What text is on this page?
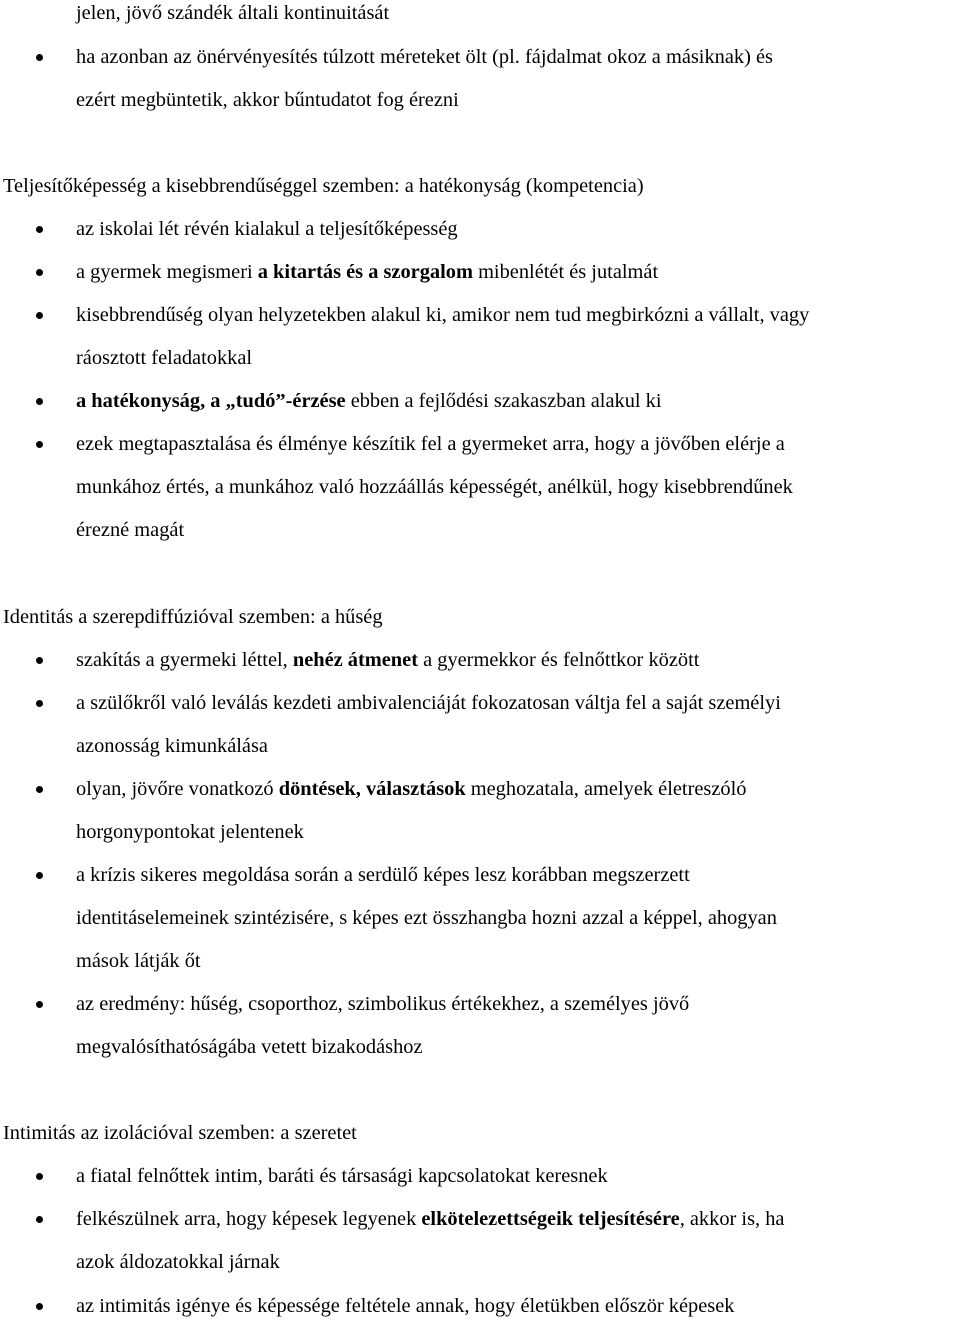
jelen, jövő szándék általi kontinuitását
ha azonban az önérvényesítés túlzott méreteket ölt (pl. fájdalmat okoz a másiknak) és
ezért megbüntetik, akkor bűntudatot fog érezni
Teljesítőképesség a kisebbrendűséggel szemben: a hatékonyság (kompetencia)
az iskolai lét révén kialakul a teljesítőképesség
a gyermek megismeri a kitartás és a szorgalom mibenlétét és jutalmát
kisebbrendűség olyan helyzetekben alakul ki, amikor nem tud megbirkózni a vállalt, vagy
ráosztott feladatokkal
a hatékonyság, a „tudó”-érzése ebben a fejlődési szakaszban alakul ki
ezek megtapasztalása és élménye készítik fel a gyermeket arra, hogy a jövőben elérje a
munkához értés, a munkához való hozzáállás képességét, anélkül, hogy kisebbrendűnek
érezné magát
Identitás a szerepdiffúzióval szemben: a hűség
szakítás a gyermeki léttel, nehéz átmenet a gyermekkor és felnőttkor között
a szülőkről való leválás kezdeti ambivalenciáját fokozatosan váltja fel a saját személyi
azonosság kimunkálása
olyan, jövőre vonatkozó döntések, választások meghozatala, amelyek életreszóló
horgonypontokat jelentenek
a krízis sikeres megoldása során a serdülő képes lesz korábban megszerzett
identitáselemeinek szintézisére, s képes ezt összhangba hozni azzal a képpel, ahogyan
mások látják őt
az eredmény: hűség, csoporthoz, szimbolikus értékekhez, a személyes jövő
megvalósíthatóságába vetett bizakodáshoz
Intimitás az izolációval szemben: a szeretet
a fiatal felnőttek intim, baráti és társasági kapcsolatokat keresnek
felkészülnek arra, hogy képesek legyenek elkötelezettségeik teljesítésére, akkor is, ha
azok áldozatokkal járnak
az intimitás igénye és képessége feltétele annak, hogy életükben először képesek
